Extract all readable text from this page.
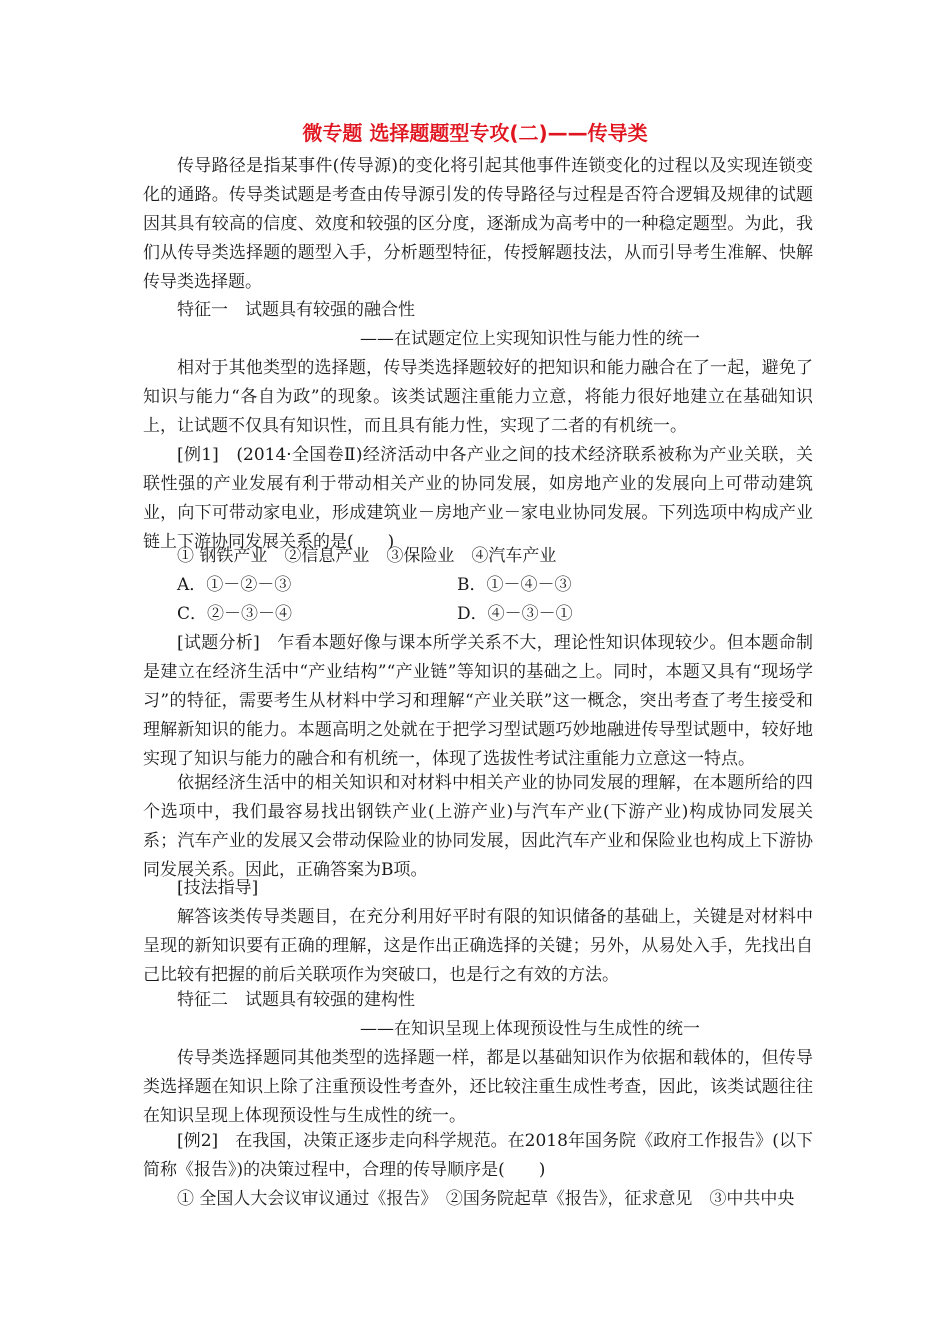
微专题 选择题题型专攻(二)——传导类

传导路径是指某事件(传导源)的变化将引起其他事件连锁变化的过程以及实现连锁变化的通路。传导类试题是考查由传导源引发的传导路径与过程是否符合逻辑及规律的试题因其具有较高的信度、效度和较强的区分度，逐渐成为高考中的一种稳定题型。为此，我们从传导类选择题的题型入手，分析题型特征，传授解题技法，从而引导考生准解、快解传导类选择题。

特征一　试题具有较强的融合性

——在试题定位上实现知识性与能力性的统一

相对于其他类型的选择题，传导类选择题较好的把知识和能力融合在了一起，避免了知识与能力“各自为政”的现象。该类试题注重能力立意，将能力很好地建立在基础知识上，让试题不仅具有知识性，而且具有能力性，实现了二者的有机统一。

[例1]　(2014·全国卷Ⅱ)经济活动中各产业之间的技术经济联系被称为产业关联，关联性强的产业发展有利于带动相关产业的协同发展，如房地产业的发展向上可带动建筑业，向下可带动家电业，形成建筑业－房地产业－家电业协同发展。下列选项中构成产业链上下游协同发展关系的是(　　)

① 钢铁产业　②信息产业　③保险业　④汽车产业

A．①－②－③	B．①－④－③

C．②－③－④	D．④－③－①

[试题分析]　乍看本题好像与课本所学关系不大，理论性知识体现较少。但本题命制是建立在经济生活中“产业结构”“产业链”等知识的基础之上。同时，本题又具有“现场学习”的特征，需要考生从材料中学习和理解“产业关联”这一概念，突出考查了考生接受和理解新知识的能力。本题高明之处就在于把学习型试题巧妙地融进传导型试题中，较好地实现了知识与能力的融合和有机统一，体现了选拔性考试注重能力立意这一特点。

依据经济生活中的相关知识和对材料中相关产业的协同发展的理解，在本题所给的四个选项中，我们最容易找出钢铁产业(上游产业)与汽车产业(下游产业)构成协同发展关系；汽车产业的发展又会带动保险业的协同发展，因此汽车产业和保险业也构成上下游协同发展关系。因此，正确答案为B项。

[技法指导]

解答该类传导类题目，在充分利用好平时有限的知识储备的基础上，关键是对材料中呈现的新知识要有正确的理解，这是作出正确选择的关键；另外，从易处入手，先找出自己比较有把握的前后关联项作为突破口，也是行之有效的方法。

特征二　试题具有较强的建构性

——在知识呈现上体现预设性与生成性的统一

传导类选择题同其他类型的选择题一样，都是以基础知识作为依据和载体的，但传导类选择题在知识上除了注重预设性考查外，还比较注重生成性考查，因此，该类试题往往在知识呈现上体现预设性与生成性的统一。

[例2]　在我国，决策正逐步走向科学规范。在2018年国务院《政府工作报告》(以下简称《报告》)的决策过程中，合理的传导顺序是(　　)

① 全国人大会议审议通过《报告》　②国务院起草《报告》，征求意见　③中共中央
